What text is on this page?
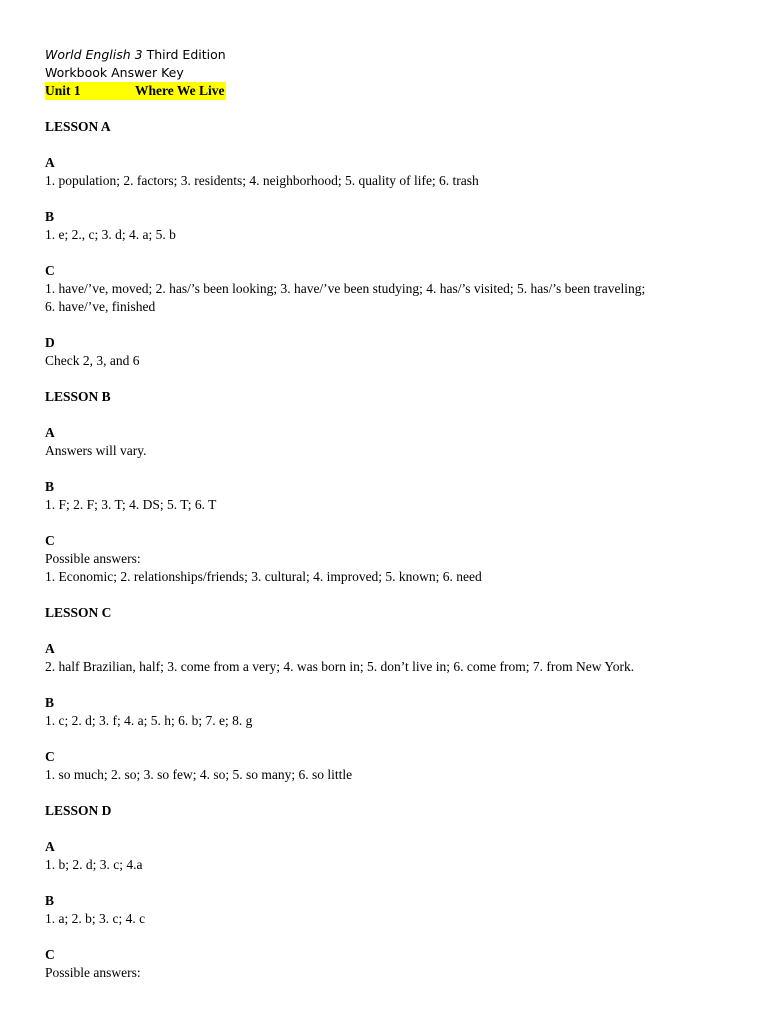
World English 3 Third Edition
Workbook Answer Key
Unit 1	Where We Live
LESSON A
A
1. population; 2. factors; 3. residents; 4. neighborhood; 5. quality of life; 6. trash
B
1. e; 2., c; 3. d; 4. a; 5. b
C
1. have/’ve, moved; 2. has/’s been looking; 3. have/’ve been studying; 4. has/’s visited; 5. has/’s been traveling;
6. have/’ve, finished
D
Check 2, 3, and 6
LESSON B
A
Answers will vary.
B
1. F; 2. F; 3. T; 4. DS; 5. T; 6. T
C
Possible answers:
1. Economic; 2. relationships/friends; 3. cultural; 4. improved; 5. known; 6. need
LESSON C
A
2. half Brazilian, half; 3. come from a very; 4. was born in; 5. don’t live in; 6. come from; 7. from New York.
B
1. c; 2. d; 3. f; 4. a; 5. h; 6. b; 7. e; 8. g
C
1. so much; 2. so; 3. so few; 4. so; 5. so many; 6. so little
LESSON D
A
1. b; 2. d; 3. c; 4.a
B
1. a; 2. b; 3. c; 4. c
C
Possible answers:
